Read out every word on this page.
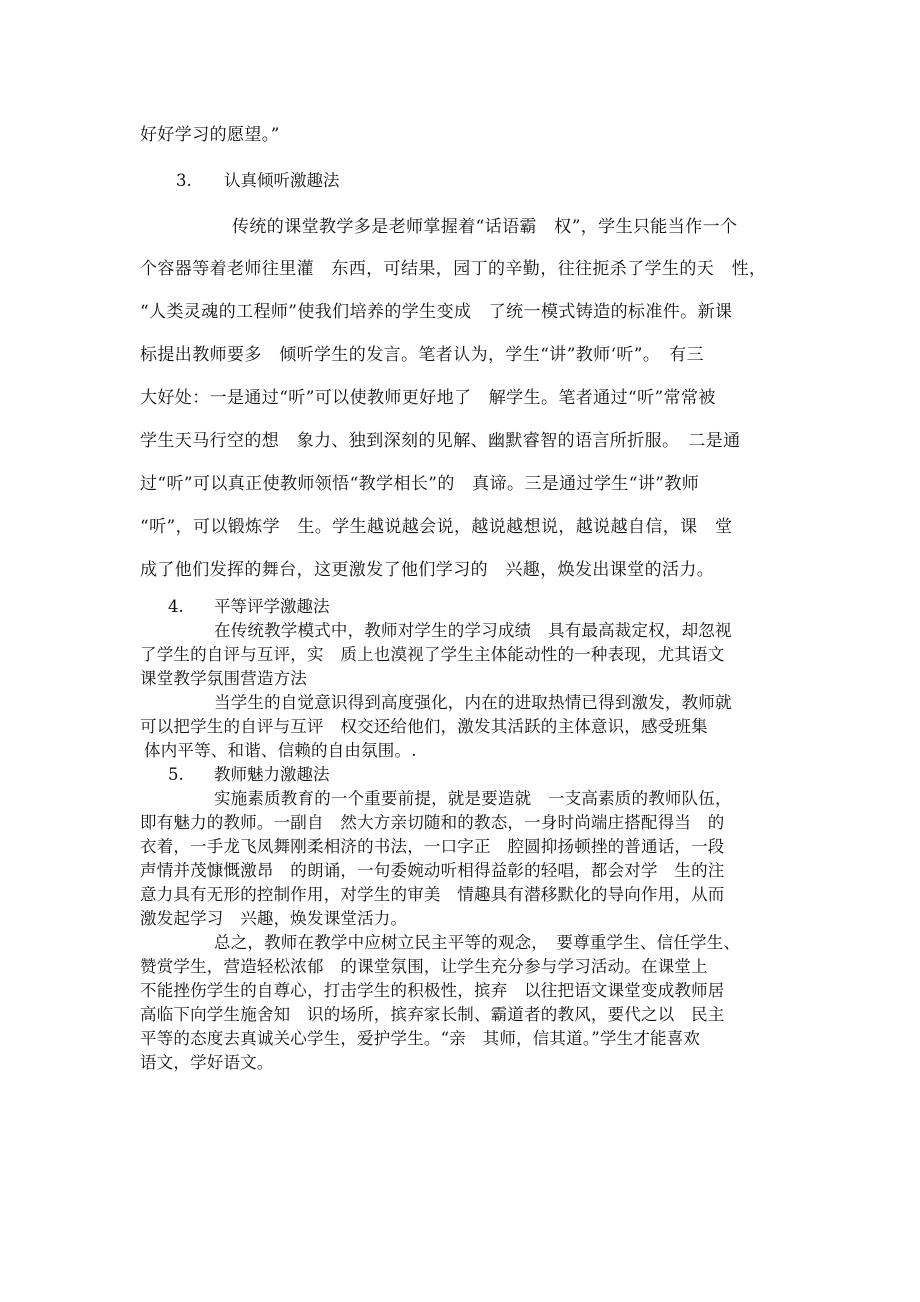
好好学习的愿望。”
3. 认真倾听激趣法
传统的课堂教学多是老师掌握着“话语霸　权”，学生只能当作一个
个容器等着老师往里灌　东西，可结果，园丁的辛勤，往往扼杀了学生的天　性，
“人类灵魂的工程师”使我们培养的学生变成　了统一模式铸造的标准件。新课
标提出教师要多　倾听学生的发言。笔者认为，学生“讲”教师‘听”。　有三
大好处：一是通过“听”可以使教师更好地了　解学生。笔者通过“听”常常被
学生天马行空的想　象力、独到深刻的见解、幽默睿智的语言所折服。　二是通
过“听”可以真正使教师领悟“教学相长”的　真谛。三是通过学生“讲”教师
“听”，可以锻炼学　生。学生越说越会说，越说越想说，越说越自信，课　堂
成了他们发挥的舞台，这更激发了他们学习的　兴趣，焕发出课堂的活力。
4. 平等评学激趣法
在传统教学模式中，教师对学生的学习成绩　具有最高裁定权，却忽视
了学生的自评与互评，实　质上也漠视了学生主体能动性的一种表现，尤其语文
课堂教学氛围营造方法
当学生的自觉意识得到高度强化，内在的进取热情已得到激发，教师就
可以把学生的自评与互评　权交还给他们，激发其活跃的主体意识，感受班集
体内平等、和谐、信赖的自由氛围。.
5. 教师魅力激趣法
实施素质教育的一个重要前提，就是要造就　一支高素质的教师队伍，
即有魅力的教师。一副自　然大方亲切随和的教态，一身时尚端庄搭配得当　的
衣着，一手龙飞凤舞刚柔相济的书法，一口字正　腔圆抑扬顿挫的普通话，一段
声情并茂慷慨激昂　的朗诵，一句委婉动听相得益彰的轻唱，都会对学　生的注
意力具有无形的控制作用，对学生的审美　情趣具有潜移默化的导向作用，从而
激发起学习　兴趣，焕发课堂活力。
总之，教师在教学中应树立民主平等的观念，　要尊重学生、信任学生、
赞赏学生，营造轻松浓郁　的课堂氛围，让学生充分参与学习活动。在课堂上
不能挫伤学生的自尊心，打击学生的积极性，摈弃　以往把语文课堂变成教师居
高临下向学生施舍知　识的场所，摈弃家长制、霸道者的教风，要代之以　民主
平等的态度去真诚关心学生，爱护学生。“亲　其师，信其道。”学生才能喜欢
语文，学好语文。
